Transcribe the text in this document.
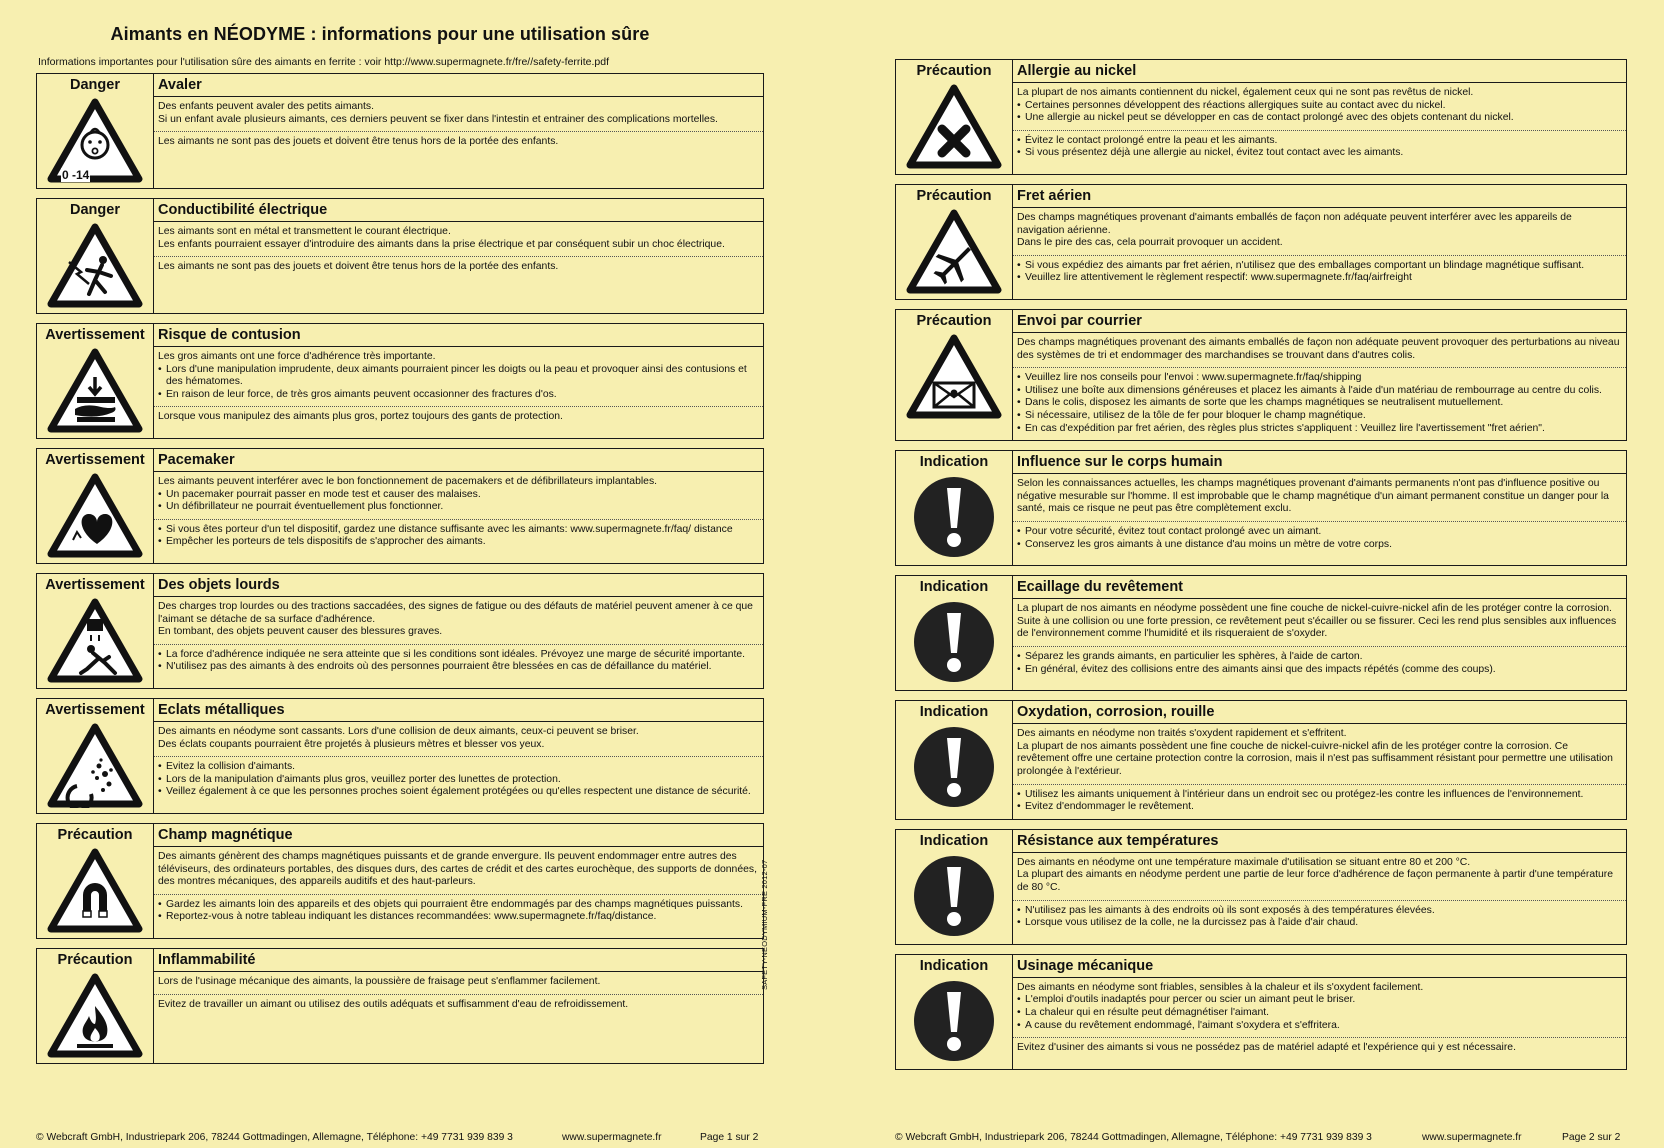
Aimants en NÉODYME : informations pour une utilisation sûre
Informations importantes pour l'utilisation sûre des aimants en ferrite : voir http://www.supermagnete.fr/fre//safety-ferrite.pdf
Danger
0 -14
Avaler

Des enfants peuvent avaler des petits aimants.

Si un enfant avale plusieurs aimants, ces derniers peuvent se fixer dans l'intestin et entrainer des complications mortelles.

Les aimants ne sont pas des jouets et doivent être tenus hors de la portée des enfants.

Danger	Conductibilité électrique

Les aimants sont en métal et transmettent le courant électrique.

Les enfants pourraient essayer d'introduire des aimants dans la prise électrique et par conséquent subir un choc électrique.

Les aimants ne sont pas des jouets et doivent être tenus hors de la portée des enfants.

Avertissement Risque de contusion

Les gros aimants ont une force d'adhérence très importante.

• Lors d'une manipulation imprudente, deux aimants pourraient pincer les doigts ou la peau et provoquer ainsi des contusions et des hématomes.
• En raison de leur force, de très gros aimants peuvent occasionner des fractures d'os.

Lorsque vous manipulez des aimants plus gros, portez toujours des gants de protection.

Avertissement Pacemaker

Les aimants peuvent interférer avec le bon fonctionnement de pacemakers et de défibrillateurs implantables.

• Un pacemaker pourrait passer en mode test et causer des malaises.
• Un défibrillateur ne pourrait éventuellement plus fonctionner.
• Si vous êtes porteur d'un tel dispositif, gardez une distance suffisante avec les aimants: www.supermagnete.fr/faq/ distance
• Empêcher les porteurs de tels dispositifs de s'approcher des aimants.
Avertissement Des objets lourds

Des charges trop lourdes ou des tractions saccadées, des signes de fatigue ou des défauts de matériel peuvent amener à ce que l'aimant se détache de sa surface d'adhérence.

En tombant, des objets peuvent causer des blessures graves.

• La force d'adhérence indiquée ne sera atteinte que si les conditions sont idéales. Prévoyez une marge de sécurité importante.
• N'utilisez pas des aimants à des endroits où des personnes pourraient être blessées en cas de défaillance du matériel.
Avertissement Eclats métalliques

Des aimants en néodyme sont cassants. Lors d'une collision de deux aimants, ceux-ci peuvent se briser.

Des éclats coupants pourraient être projetés à plusieurs mètres et blesser vos yeux.

• Evitez la collision d'aimants.
• Lors de la manipulation d'aimants plus gros, veuillez porter des lunettes de protection.
• Veillez également à ce que les personnes proches soient également protégées ou qu'elles respectent une distance de sécurité.
Précaution Champ magnétique

Des aimants génèrent des champs magnétiques puissants et de grande envergure. Ils peuvent endommager entre autres des téléviseurs, des ordinateurs portables, des disques durs, des cartes de crédit et des cartes eurochèque, des supports de données, des montres mécaniques, des appareils auditifs et des haut-parleurs.

• Gardez les aimants loin des appareils et des objets qui pourraient être endommagés par des champs magnétiques puissants.
• Reportez-vous à notre tableau indiquant les distances recommandées: www.supermagnete.fr/faq/distance.
Précaution Inflammabilité

Lors de l'usinage mécanique des aimants, la poussière de fraisage peut s'enflammer facilement.

Evitez de travailler un aimant ou utilisez des outils adéquats et suffisamment d'eau de refroidissement.

SAFETY-NEODYMIUM-FRE 2012-07
© Webcraft GmbH, Industriepark 206, 78244 Gottmadingen, Allemagne, Téléphone: +49 7731 939 839 3	www.supermagnete.fr	Page 1 sur 2
Précaution Allergie au nickel

La plupart de nos aimants contiennent du nickel, également ceux qui ne sont pas revêtus de nickel.

• Certaines personnes développent des réactions allergiques suite au contact avec du nickel.
• Une allergie au nickel peut se développer en cas de contact prolongé avec des objets contenant du nickel.
• Évitez le contact prolongé entre la peau et les aimants.
• Si vous présentez déjà une allergie au nickel, évitez tout contact avec les aimants.
Précaution Fret aérien

Des champs magnétiques provenant d'aimants emballés de façon non adéquate peuvent interférer avec les appareils de navigation aérienne.

Dans le pire des cas, cela pourrait provoquer un accident.

• Si vous expédiez des aimants par fret aérien, n'utilisez que des emballages comportant un blindage magnétique suffisant.
• Veuillez lire attentivement le règlement respectif: www.supermagnete.fr/faq/airfreight
Précaution Envoi par courrier

Des champs magnétiques provenant des aimants emballés de façon non adéquate peuvent provoquer des perturbations au niveau des systèmes de tri et endommager des marchandises se trouvant dans d'autres colis.

• Veuillez lire nos conseils pour l'envoi : www.supermagnete.fr/faq/shipping
• Utilisez une boîte aux dimensions généreuses et placez les aimants à l'aide d'un matériau de rembourrage au centre du colis.
• Dans le colis, disposez les aimants de sorte que les champs magnétiques se neutralisent mutuellement.
• Si nécessaire, utilisez de la tôle de fer pour bloquer le champ magnétique.
• En cas d'expédition par fret aérien, des règles plus strictes s'appliquent : Veuillez lire l'avertissement "fret aérien".
Indication Influence sur le corps humain

Selon les connaissances actuelles, les champs magnétiques provenant d'aimants permanents n'ont pas d'influence positive ou négative mesurable sur l'homme. Il est improbable que le champ magnétique d'un aimant permanent constitue un danger pour la santé, mais ce risque ne peut pas être complètement exclu.

• Pour votre sécurité, évitez tout contact prolongé avec un aimant.
• Conservez les gros aimants à une distance d'au moins un mètre de votre corps.
Indication Ecaillage du revêtement

La plupart de nos aimants en néodyme possèdent une fine couche de nickel-cuivre-nickel afin de les protéger contre la corrosion. Suite à une collision ou une forte pression, ce revêtement peut s'écailler ou se fissurer. Ceci les rend plus sensibles aux influences de l'environnement comme l'humidité et ils risqueraient de s'oxyder.

• Séparez les grands aimants, en particulier les sphères, à l'aide de carton.
• En général, évitez des collisions entre des aimants ainsi que des impacts répétés (comme des coups).
Indication Oxydation, corrosion, rouille

Des aimants en néodyme non traités s'oxydent rapidement et s'effritent.

La plupart de nos aimants possèdent une fine couche de nickel-cuivre-nickel afin de les protéger contre la corrosion. Ce revêtement offre une certaine protection contre la corrosion, mais il n'est pas suffisamment résistant pour permettre une utilisation prolongée à l'extérieur.

• Utilisez les aimants uniquement à l'intérieur dans un endroit sec ou protégez-les contre les influences de l'environnement.
• Evitez d'endommager le revêtement.
Indication Résistance aux températures

Des aimants en néodyme ont une température maximale d'utilisation se situant entre 80 et 200 °C.

La plupart des aimants en néodyme perdent une partie de leur force d'adhérence de façon permanente à partir d'une température de 80 °C.

• N'utilisez pas les aimants à des endroits où ils sont exposés à des températures élevées.
• Lorsque vous utilisez de la colle, ne la durcissez pas à l'aide d'air chaud.
Indication Usinage mécanique

Des aimants en néodyme sont friables, sensibles à la chaleur et ils s'oxydent facilement.

• L'emploi d'outils inadaptés pour percer ou scier un aimant peut le briser.
• La chaleur qui en résulte peut démagnétiser l'aimant.
• A cause du revêtement endommagé, l'aimant s'oxydera et s'effritera.

Evitez d'usiner des aimants si vous ne possédez pas de matériel adapté et l'expérience qui y est nécessaire.

© Webcraft GmbH, Industriepark 206, 78244 Gottmadingen, Allemagne, Téléphone: +49 7731 939 839 3	www.supermagnete.fr	Page 2 sur 2
